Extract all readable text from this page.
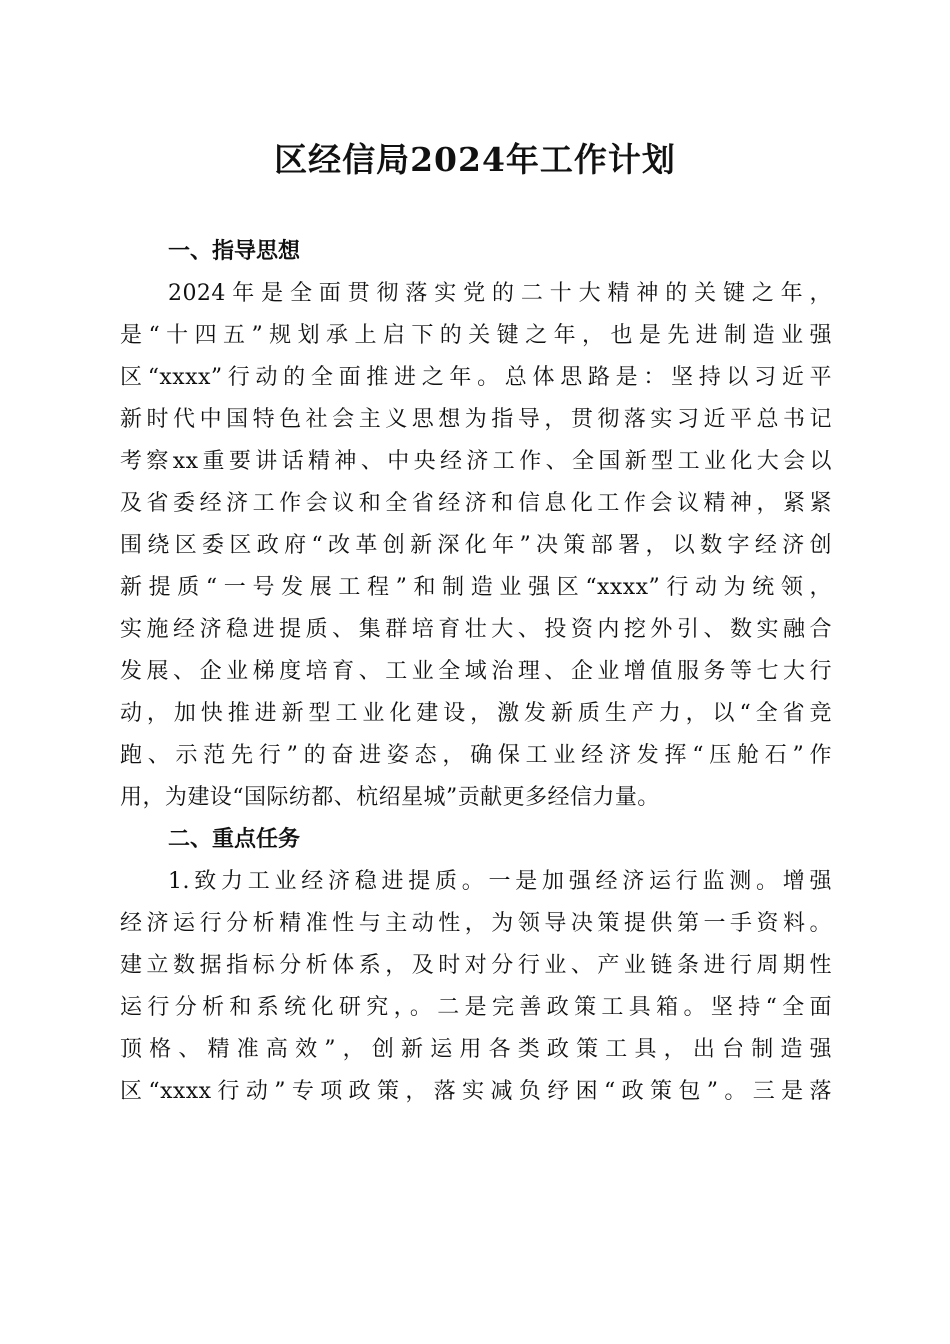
区经信局2024年工作计划
一、指导思想
2024年是全面贯彻落实党的二十大精神的关键之年，
是“十四五”规划承上启下的关键之年，也是先进制造业强
区“xxxx”行动的全面推进之年。总体思路是：坚持以习近平
新时代中国特色社会主义思想为指导，贯彻落实习近平总书记
考察xx重要讲话精神、中央经济工作、全国新型工业化大会以
及省委经济工作会议和全省经济和信息化工作会议精神，紧紧
围绕区委区政府“改革创新深化年”决策部署，以数字经济创
新提质“一号发展工程”和制造业强区“xxxx”行动为统领，
实施经济稳进提质、集群培育壮大、投资内挖外引、数实融合
发展、企业梯度培育、工业全域治理、企业增值服务等七大行
动，加快推进新型工业化建设，激发新质生产力，以“全省竞
跑、示范先行”的奋进姿态，确保工业经济发挥“压舱石”作
用，为建设“国际纺都、杭绍星城”贡献更多经信力量。
二、重点任务
1.致力工业经济稳进提质。一是加强经济运行监测。增强
经济运行分析精准性与主动性，为领导决策提供第一手资料。
建立数据指标分析体系，及时对分行业、产业链条进行周期性
运行分析和系统化研究，。二是完善政策工具箱。坚持“全面
顶格、精准高效”，创新运用各类政策工具，出台制造强
区“xxxx行动”专项政策，落实减负纾困“政策包”。三是落
